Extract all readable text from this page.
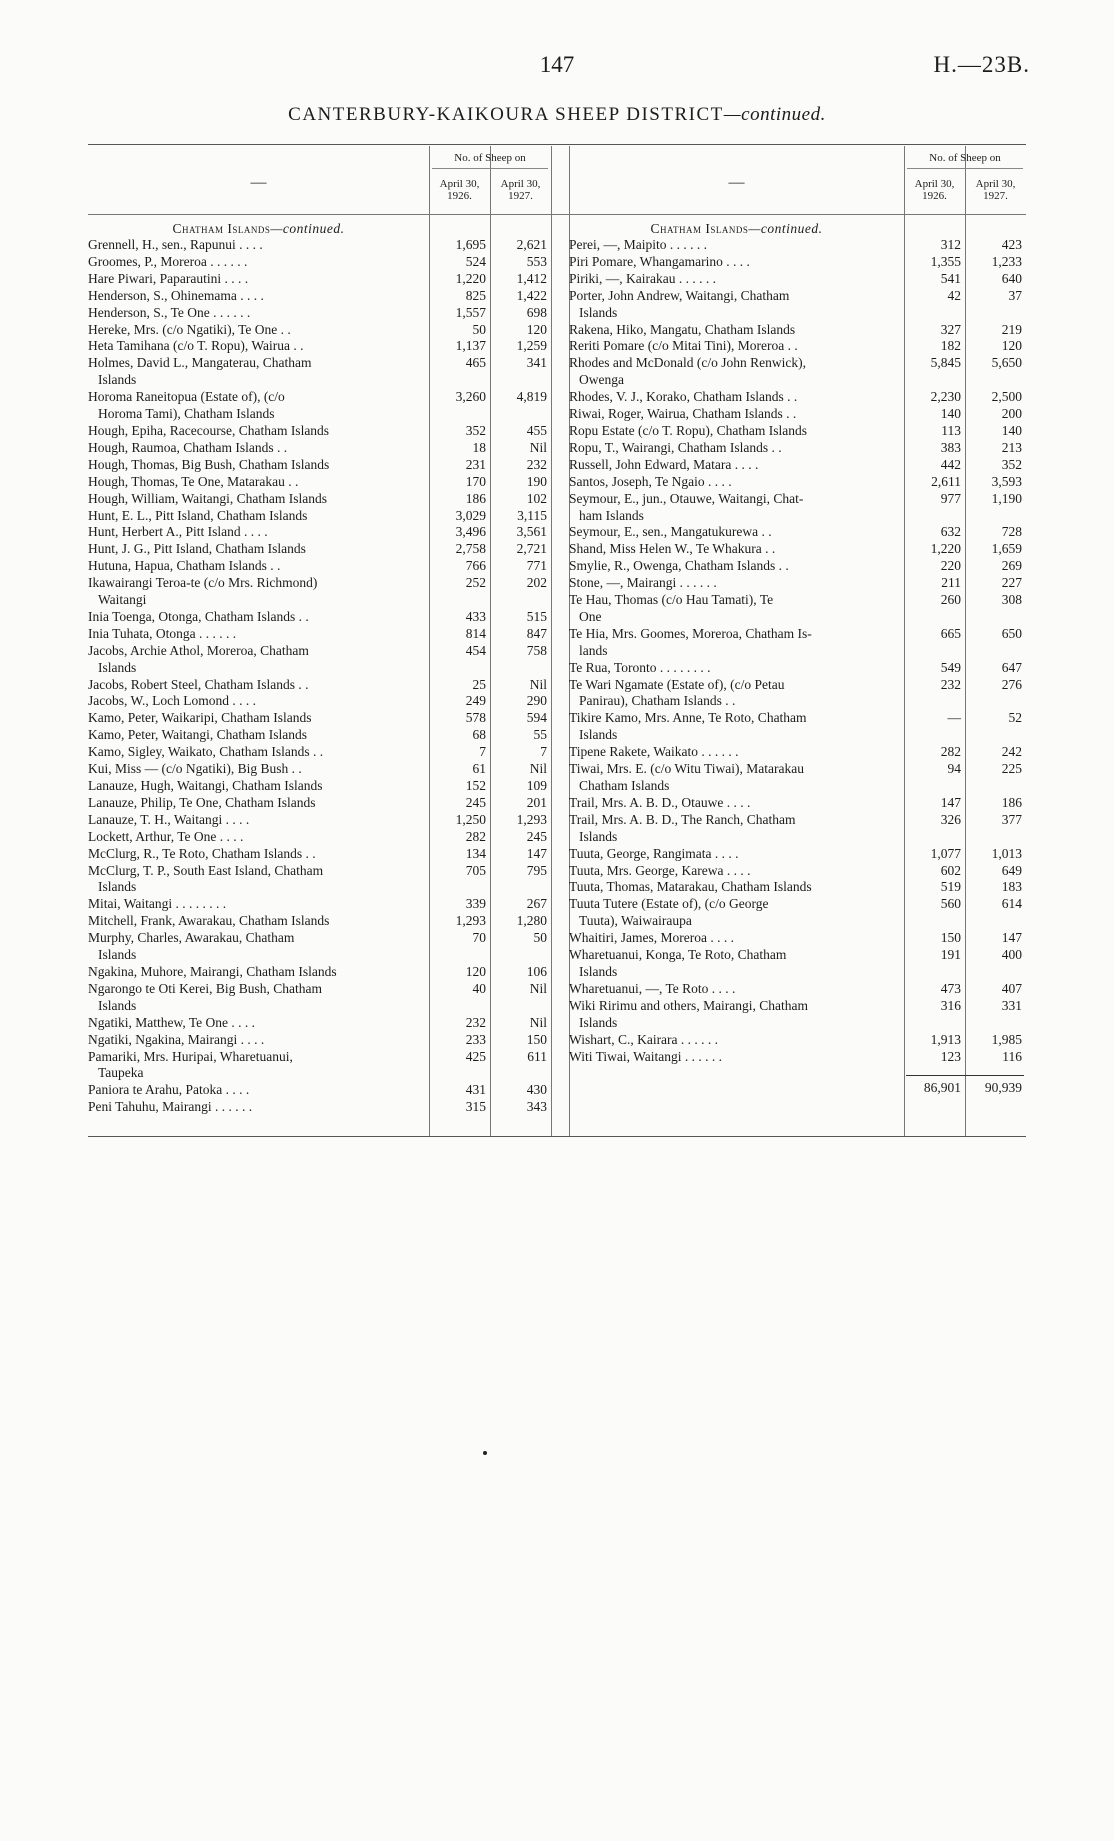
147	H.—23B.
CANTERBURY-KAIKOURA SHEEP DISTRICT—continued.
—
No. of Sheep on
April 30,
1926.
April 30,
1927.
Chatham Islands—continued.
Grennell, H., sen., Rapunui . . . .	1,695	2,621
Groomes, P., Moreroa . . . . . .	524	553
Hare Piwari, Paparautini . . . .	1,220	1,412
Henderson, S., Ohinemama . . . .	825	1,422
Henderson, S., Te One . . . . . .	1,557	698
Hereke, Mrs. (c/o Ngatiki), Te One . .	50	120
Heta Tamihana (c/o T. Ropu), Wairua . .	1,137	1,259
Holmes, David L., Mangaterau, Chatham
Islands
465	341
Horoma Raneitopua (Estate of), (c/o
Horoma Tami), Chatham Islands
3,260	4,819
Hough, Epiha, Racecourse, Chatham Islands	352	455
Hough, Raumoa, Chatham Islands . .	18	Nil
Hough, Thomas, Big Bush, Chatham Islands	231	232
Hough, Thomas, Te One, Matarakau . .	170	190
Hough, William, Waitangi, Chatham Islands	186	102
Hunt, E. L., Pitt Island, Chatham Islands	3,029	3,115
Hunt, Herbert A., Pitt Island . . . .	3,496	3,561
Hunt, J. G., Pitt Island, Chatham Islands	2,758	2,721
Hutuna, Hapua, Chatham Islands . .	766	771
Ikawairangi Teroa-te (c/o Mrs. Richmond)
Waitangi
252	202
Inia Toenga, Otonga, Chatham Islands . .	433	515
Inia Tuhata, Otonga . . . . . .	814	847
Jacobs, Archie Athol, Moreroa, Chatham
Islands
454	758
Jacobs, Robert Steel, Chatham Islands . .	25	Nil
Jacobs, W., Loch Lomond . . . .	249	290
Kamo, Peter, Waikaripi, Chatham Islands	578	594
Kamo, Peter, Waitangi, Chatham Islands	68	55
Kamo, Sigley, Waikato, Chatham Islands . .	7	7
Kui, Miss — (c/o Ngatiki), Big Bush . .	61	Nil
Lanauze, Hugh, Waitangi, Chatham Islands	152	109
Lanauze, Philip, Te One, Chatham Islands	245	201
Lanauze, T. H., Waitangi . . . .	1,250	1,293
Lockett, Arthur, Te One . . . .	282	245
McClurg, R., Te Roto, Chatham Islands . .	134	147
McClurg, T. P., South East Island, Chatham
Islands
705	795
Mitai, Waitangi . . . . . . . .	339	267
Mitchell, Frank, Awarakau, Chatham Islands	1,293	1,280
Murphy, Charles, Awarakau, Chatham
Islands
70	50
Ngakina, Muhore, Mairangi, Chatham Islands	120	106
Ngarongo te Oti Kerei, Big Bush, Chatham
Islands
40	Nil
Ngatiki, Matthew, Te One . . . .	232	Nil
Ngatiki, Ngakina, Mairangi . . . .	233	150
Pamariki, Mrs. Huripai, Wharetuanui,
Taupeka
425	611
Paniora te Arahu, Patoka . . . .	431	430
Peni Tahuhu, Mairangi . . . . . .	315	343
—
No. of Sheep on
April 30,
1926.
April 30,
1927.
Chatham Islands—continued.
Perei, —, Maipito . . . . . .	312	423
Piri Pomare, Whangamarino . . . .	1,355	1,233
Piriki, —, Kairakau . . . . . .	541	640
Porter, John Andrew, Waitangi, Chatham
Islands
42	37
Rakena, Hiko, Mangatu, Chatham Islands	327	219
Reriti Pomare (c/o Mitai Tini), Moreroa . .	182	120
Rhodes and McDonald (c/o John Renwick),
Owenga
5,845	5,650
Rhodes, V. J., Korako, Chatham Islands . .	2,230	2,500
Riwai, Roger, Wairua, Chatham Islands . .	140	200
Ropu Estate (c/o T. Ropu), Chatham Islands	113	140
Ropu, T., Wairangi, Chatham Islands . .	383	213
Russell, John Edward, Matara . . . .	442	352
Santos, Joseph, Te Ngaio . . . .	2,611	3,593
Seymour, E., jun., Otauwe, Waitangi, Chat-
ham Islands
977	1,190
Seymour, E., sen., Mangatukurewa . .	632	728
Shand, Miss Helen W., Te Whakura . .	1,220	1,659
Smylie, R., Owenga, Chatham Islands . .	220	269
Stone, —, Mairangi . . . . . .	211	227
Te Hau, Thomas (c/o Hau Tamati), Te
One
260	308
Te Hia, Mrs. Goomes, Moreroa, Chatham Is-
lands
665	650
Te Rua, Toronto . . . . . . . .	549	647
Te Wari Ngamate (Estate of), (c/o Petau
Panirau), Chatham Islands . .
232	276
Tikire Kamo, Mrs. Anne, Te Roto, Chatham
Islands
—	52
Tipene Rakete, Waikato . . . . . .	282	242
Tiwai, Mrs. E. (c/o Witu Tiwai), Matarakau
Chatham Islands
94	225
Trail, Mrs. A. B. D., Otauwe . . . .	147	186
Trail, Mrs. A. B. D., The Ranch, Chatham
Islands
326	377
Tuuta, George, Rangimata . . . .	1,077	1,013
Tuuta, Mrs. George, Karewa . . . .	602	649
Tuuta, Thomas, Matarakau, Chatham Islands	519	183
Tuuta Tutere (Estate of), (c/o George
Tuuta), Waiwairaupa
560	614
Whaitiri, James, Moreroa . . . .	150	147
Wharetuanui, Konga, Te Roto, Chatham
Islands
191	400
Wharetuanui, —, Te Roto . . . .	473	407
Wiki Ririmu and others, Mairangi, Chatham
Islands
316	331
Wishart, C., Kairara . . . . . .	1,913	1,985
Witi Tiwai, Waitangi . . . . . .	123	116
86,901	90,939
